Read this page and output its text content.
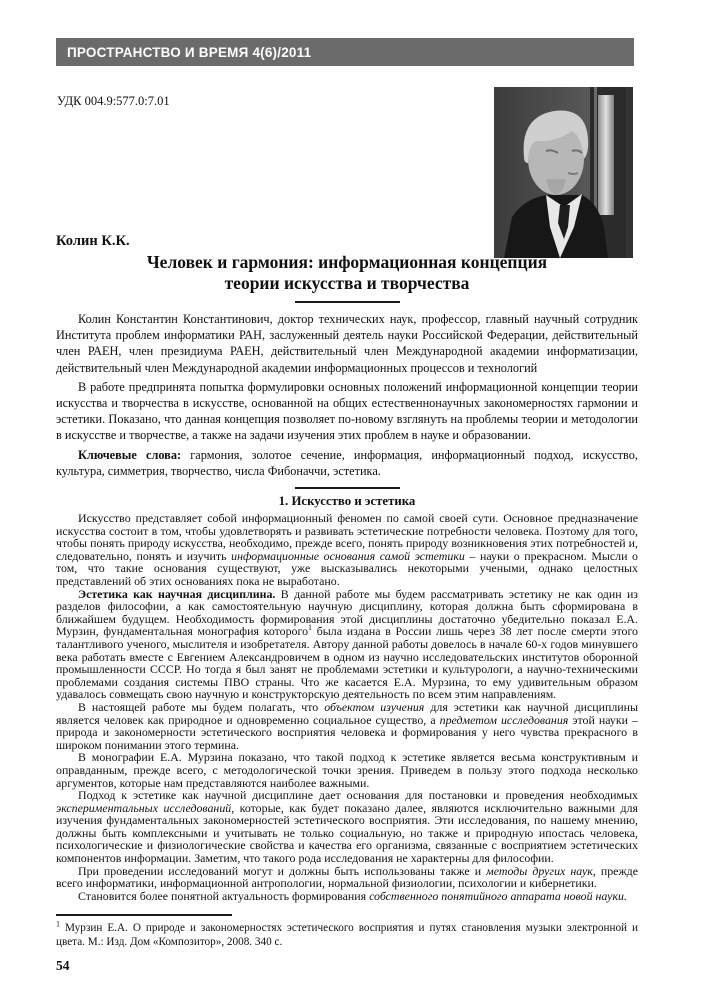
ПРОСТРАНСТВО И ВРЕМЯ 4(6)/2011
УДК 004.9:577.0:7.01

Колин К.К.

Человек и гармония: информационная концепция
теории искусства и творчества

Колин Константин Константинович, доктор технических наук, профессор, главный научный сотрудник Института проблем информатики РАН, заслуженный деятель науки Российской Федерации, действительный член РАЕН, член президиума РАЕН, действительный член Международной академии информатизации, действительный член Международной академии информационных процессов и технологий

В работе предпринята попытка формулировки основных положений информационной концепции теории искусства и творчества в искусстве, основанной на общих естественнонаучных закономерностях гармонии и эстетики. Показано, что данная концепция позволяет по-новому взглянуть на проблемы теории и методологии в искусстве и творчестве, а также на задачи изучения этих проблем в науке и образовании.

Ключевые слова: гармония, золотое сечение, информация, информационный подход, искусство, культура, симметрия, творчество, числа Фибоначчи, эстетика.

1. Искусство и эстетика

Искусство представляет собой информационный феномен по самой своей сути. Основное предназначение искусства состоит в том, чтобы удовлетворять и развивать эстетические потребности человека. Поэтому для того, чтобы понять природу искусства, необходимо, прежде всего, понять природу возникновения этих потребностей и, следовательно, понять и изучить информационные основания самой эстетики – науки о прекрасном. Мысли о том, что такие основания существуют, уже высказывались некоторыми учеными, однако целостных представлений об этих основаниях пока не выработано.

Эстетика как научная дисциплина. В данной работе мы будем рассматривать эстетику не как один из разделов философии, а как самостоятельную научную дисциплину, которая должна быть сформирована в ближайшем будущем. Необходимость формирования этой дисциплины достаточно убедительно показал Е.А. Мурзин, фундаментальная монография которого$^1$ была издана в России лишь через 38 лет после смерти этого талантливого ученого, мыслителя и изобретателя. Автору данной работы довелось в начале 60-х годов минувшего века работать вместе с Евгением Александровичем в одном из научно исследовательских институтов оборонной промышленности СССР. Но тогда я был занят не проблемами эстетики и культурологи, а научно-техническими проблемами создания системы ПВО страны. Что же касается Е.А. Мурзина, то ему удивительным образом удавалось совмещать свою научную и конструкторскую деятельность по всем этим направлениям.

В настоящей работе мы будем полагать, что объектом изучения для эстетики как научной дисциплины является человек как природное и одновременно социальное существо, а предметом исследования этой науки – природа и закономерности эстетического восприятия человека и формирования у него чувства прекрасного в широком понимании этого термина.

В монографии Е.А. Мурзина показано, что такой подход к эстетике является весьма конструктивным и оправданным, прежде всего, с методологической точки зрения. Приведем в пользу этого подхода несколько аргументов, которые нам представляются наиболее важными.

Подход к эстетике как научной дисциплине дает основания для постановки и проведения необходимых экспериментальных исследований, которые, как будет показано далее, являются исключительно важными для изучения фундаментальных закономерностей эстетического восприятия. Эти исследования, по нашему мнению, должны быть комплексными и учитывать не только социальную, но также и природную ипостась человека, психологические и физиологические свойства и качества его организма, связанные с восприятием эстетических компонентов информации. Заметим, что такого рода исследования не характерны для философии.

При проведении исследований могут и должны быть использованы также и методы других наук, прежде всего информатики, информационной антропологии, нормальной физиологии, психологии и кибернетики.

Становится более понятной актуальность формирования собственного понятийного аппарата новой науки.

$^1$ Мурзин Е.А. О природе и закономерностях эстетического восприятия и путях становления музыки электронной и цвета. М.: Изд. Дом «Композитор», 2008. 340 с.

54
